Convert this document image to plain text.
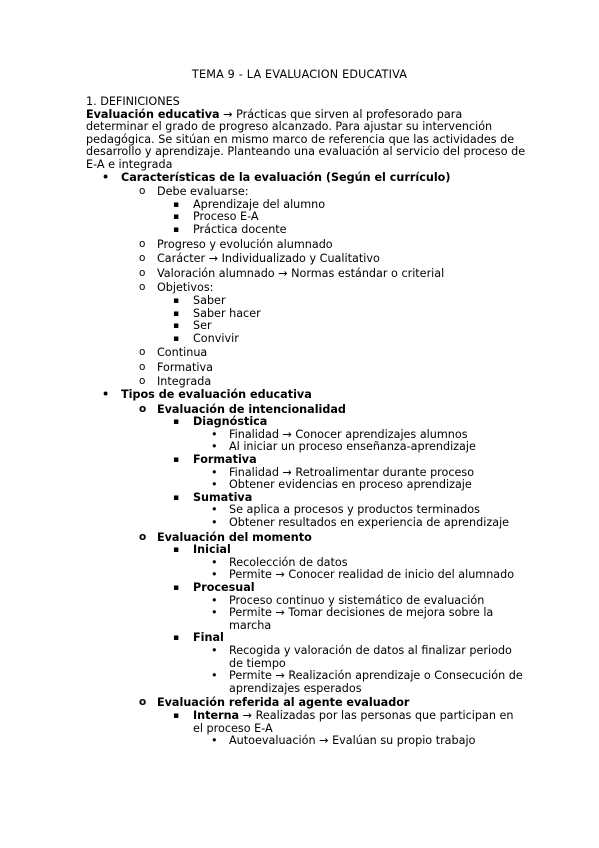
TEMA 9 - LA EVALUACION EDUCATIVA
1. DEFINICIONES

Evaluación educativa → Prácticas que sirven al profesorado para determinar el grado de progreso alcanzado. Para ajustar su intervención pedagógica. Se sitúan en mismo marco de referencia que las actividades de desarrollo y aprendizaje. Planteando una evaluación al servicio del proceso de E-A e integrada

• Características de la evaluación (Según el currículo)
o Debe evaluarse:
▪ Aprendizaje del alumno
▪ Proceso E-A
▪ Práctica docente
o Progreso y evolución alumnado
o Carácter → Individualizado y Cualitativo
o Valoración alumnado → Normas estándar o criterial
o Objetivos:
▪ Saber
▪ Saber hacer
▪ Ser
▪ Convivir
o Continua
o Formativa
o Integrada
• Tipos de evaluación educativa
o Evaluación de intencionalidad
▪ Diagnóstica
• Finalidad → Conocer aprendizajes alumnos
• Al iniciar un proceso enseñanza-aprendizaje
▪ Formativa
• Finalidad → Retroalimentar durante proceso
• Obtener evidencias en proceso aprendizaje
▪ Sumativa
• Se aplica a procesos y productos terminados
• Obtener resultados en experiencia de aprendizaje
o Evaluación del momento
▪ Inicial
• Recolección de datos
• Permite → Conocer realidad de inicio del alumnado
▪ Procesual
• Proceso continuo y sistemático de evaluación
• Permite → Tomar decisiones de mejora sobre la marcha
▪ Final
• Recogida y valoración de datos al finalizar periodo de tiempo
• Permite → Realización aprendizaje o Consecución de aprendizajes esperados
o Evaluación referida al agente evaluador
▪ Interna → Realizadas por las personas que participan en el proceso E-A
• Autoevaluación → Evalúan su propio trabajo
